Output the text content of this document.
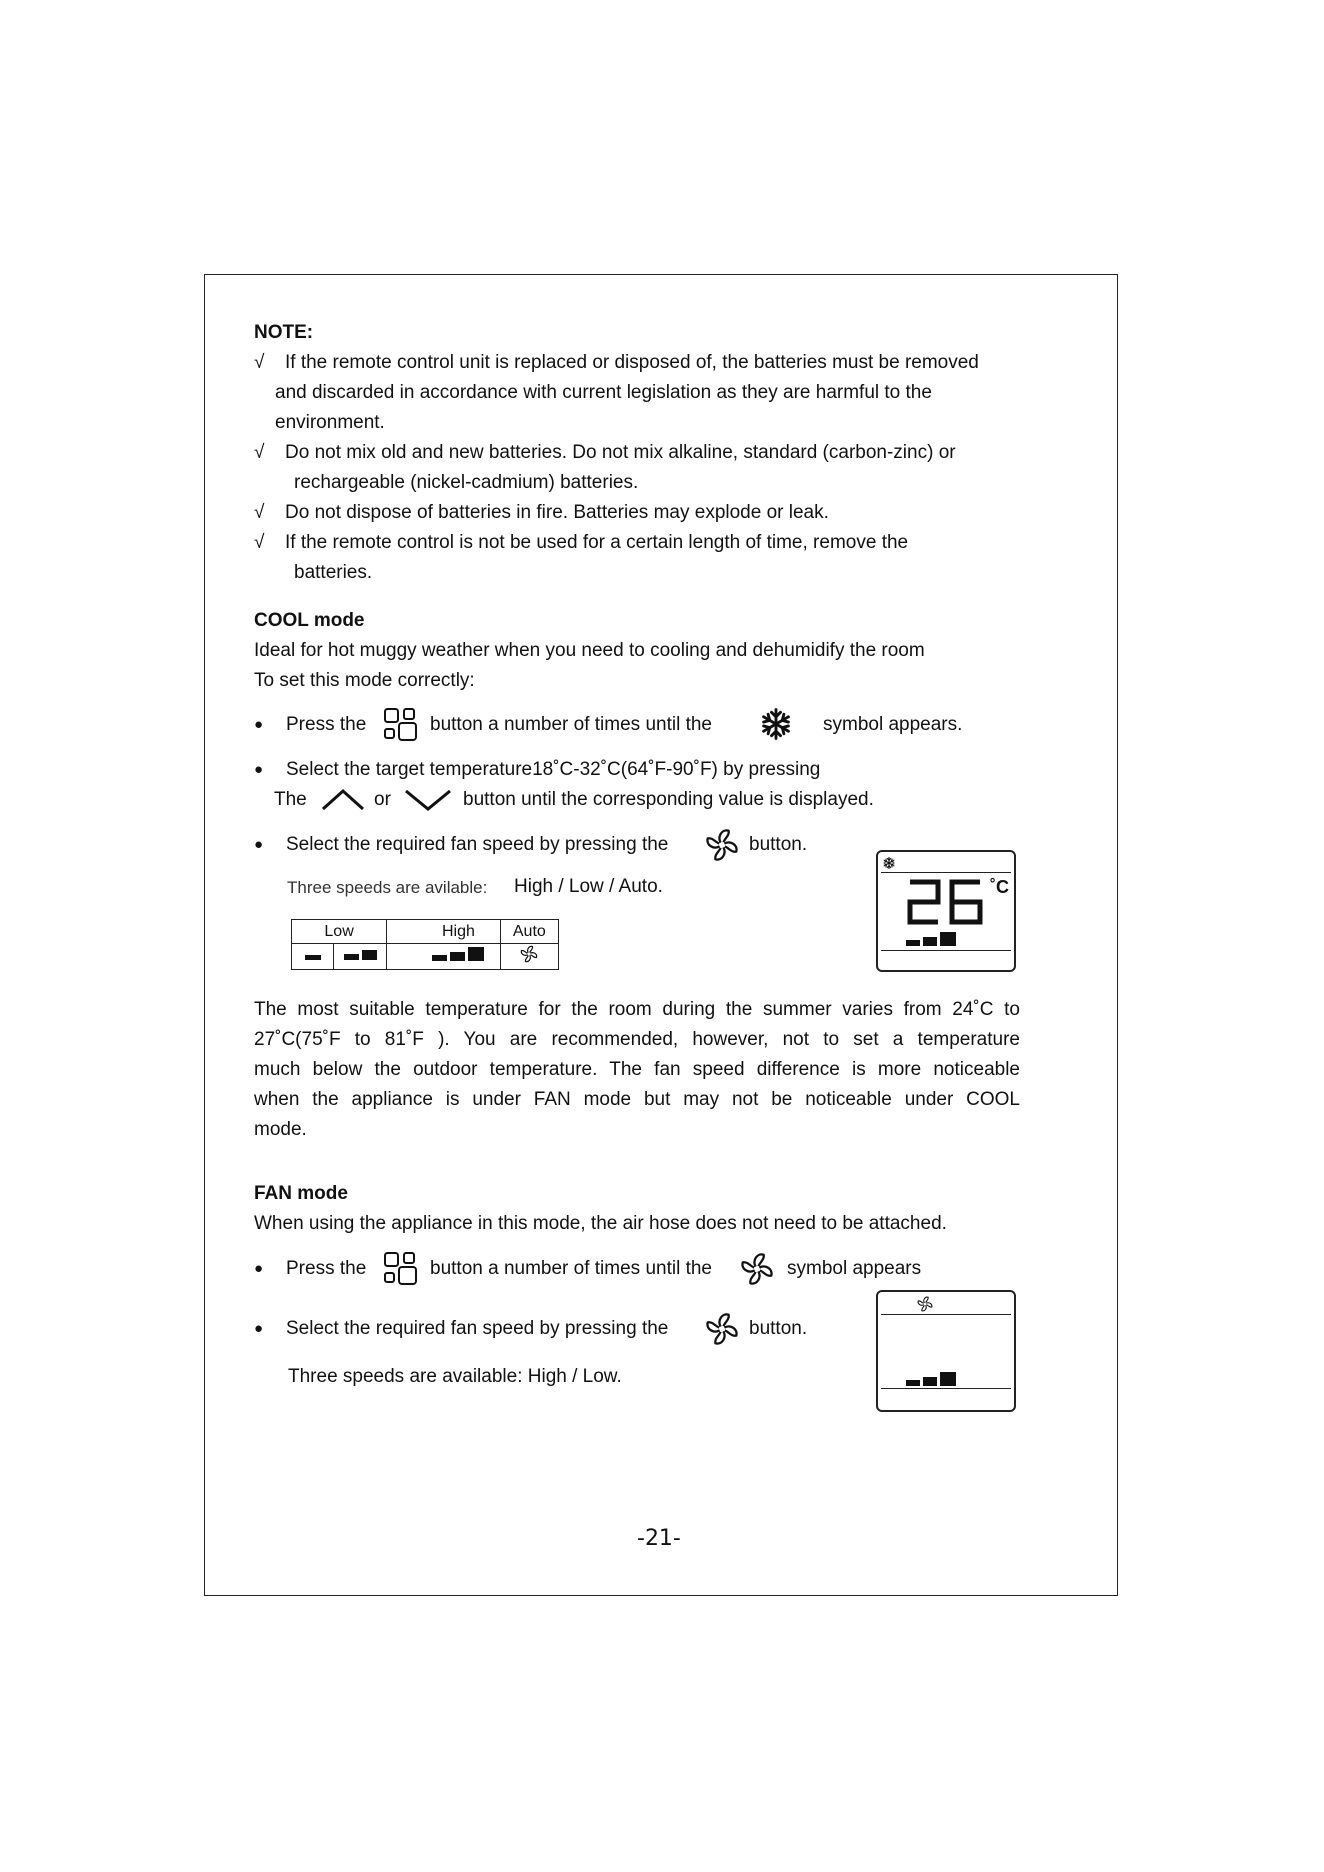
NOTE:
√ If the remote control unit is replaced or disposed of, the batteries must be removed
and discarded in accordance with current legislation as they are harmful to the
environment.
√ Do not mix old and new batteries. Do not mix alkaline, standard (carbon-zinc) or
rechargeable (nickel-cadmium) batteries.
√ Do not dispose of batteries in fire. Batteries may explode or leak.
√ If the remote control is not be used for a certain length of time, remove the
batteries.
COOL mode
Ideal for hot muggy weather when you need to cooling and dehumidify the room
To set this mode correctly:
● Press the	button a number of times until the	symbol appears.
● Select the target temperature18˚C-32˚C(64˚F-90˚F) by pressing
The	or	button until the corresponding value is displayed.
● Select the required fan speed by pressing the	button.
Three speeds are avilable: High / Low / Auto.
Low		High	Auto

˚C
The most suitable temperature for the room during the summer varies from 24˚C to
27˚C(75˚F to 81˚F ). You are recommended, however, not to set a temperature
much below the outdoor temperature. The fan speed difference is more noticeable
when the appliance is under FAN mode but may not be noticeable under COOL
mode.
FAN mode
When using the appliance in this mode, the air hose does not need to be attached.
● Press the	button a number of times until the	symbol appears
● Select the required fan speed by pressing the	button.
Three speeds are available: High / Low.
-21-
